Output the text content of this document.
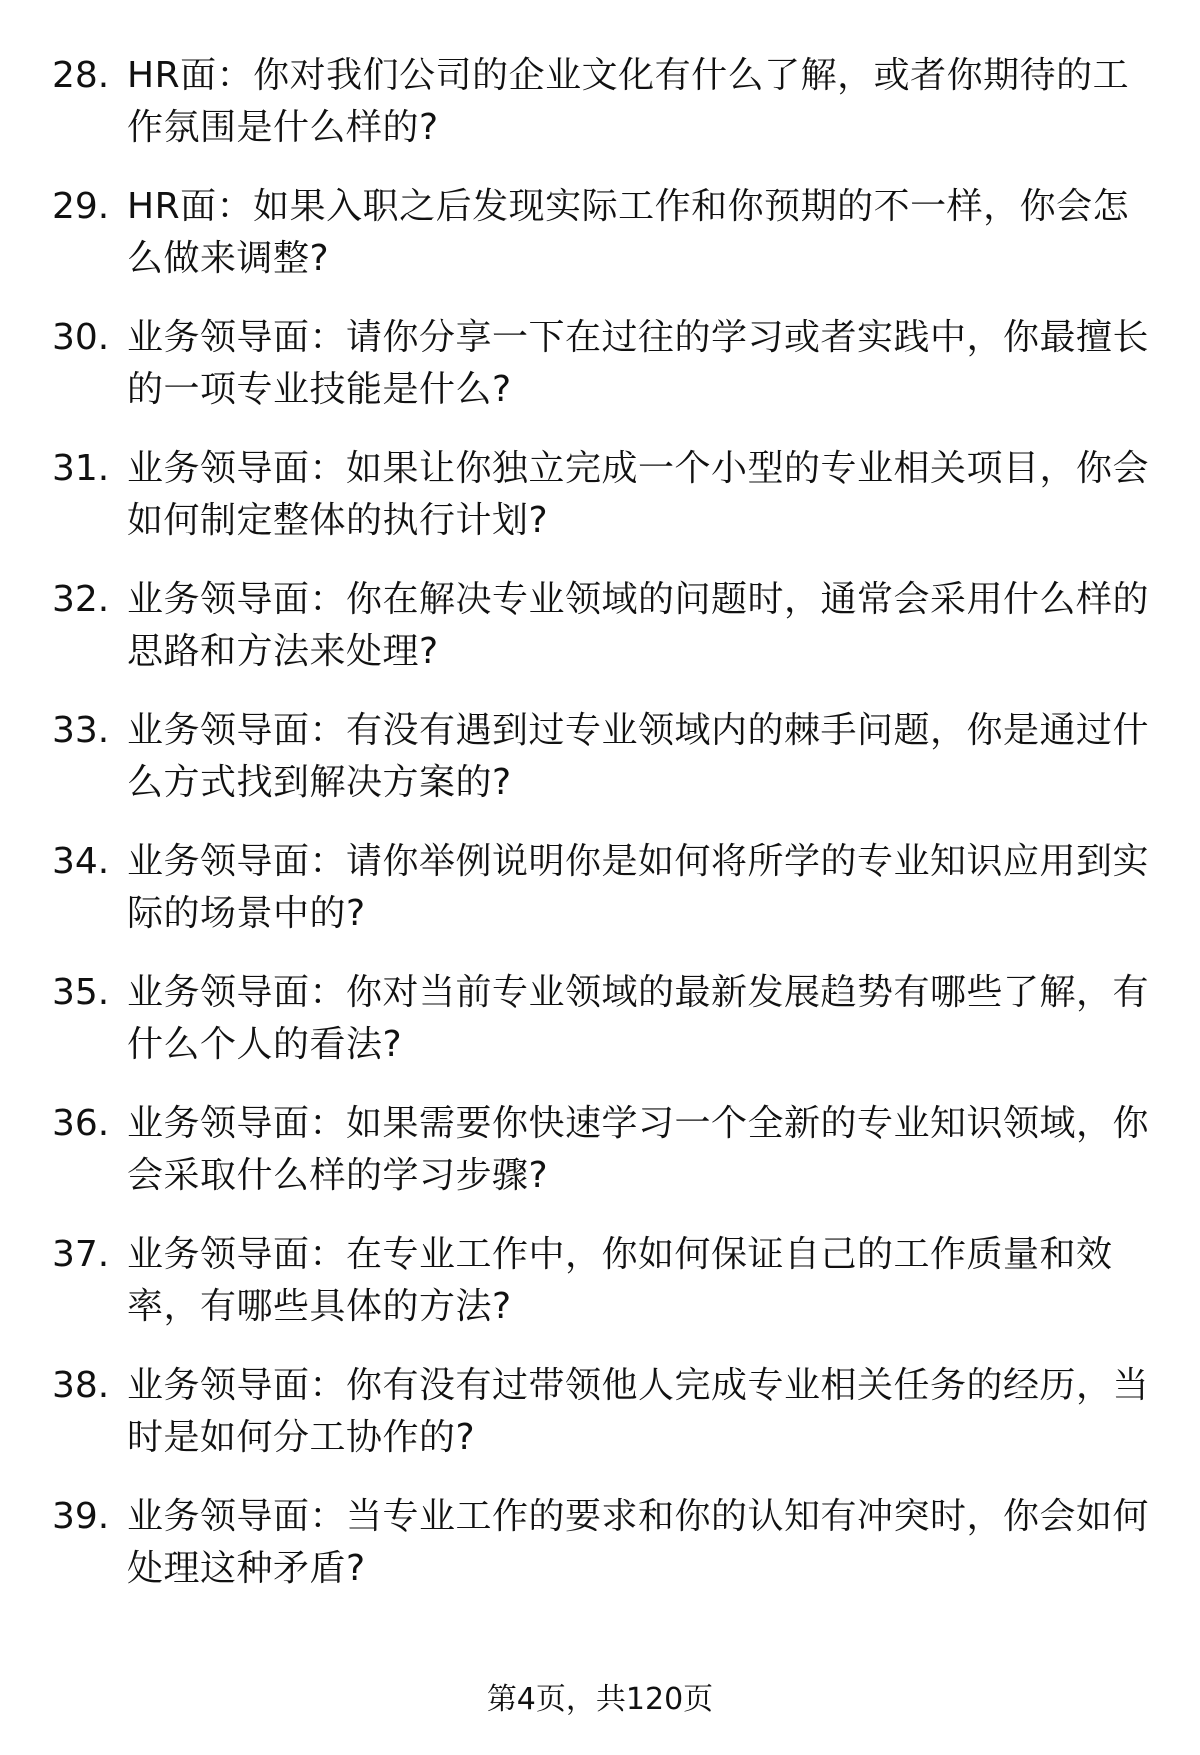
28. HR面：你对我们公司的企业文化有什么了解，或者你期待的工作氛围是什么样的?
29. HR面：如果入职之后发现实际工作和你预期的不一样，你会怎么做来调整?
30. 业务领导面：请你分享一下在过往的学习或者实践中，你最擅长的一项专业技能是什么?
31. 业务领导面：如果让你独立完成一个小型的专业相关项目，你会如何制定整体的执行计划?
32. 业务领导面：你在解决专业领域的问题时，通常会采用什么样的思路和方法来处理?
33. 业务领导面：有没有遇到过专业领域内的棘手问题，你是通过什么方式找到解决方案的?
34. 业务领导面：请你举例说明你是如何将所学的专业知识应用到实际的场景中的?
35. 业务领导面：你对当前专业领域的最新发展趋势有哪些了解，有什么个人的看法?
36. 业务领导面：如果需要你快速学习一个全新的专业知识领域，你会采取什么样的学习步骤?
37. 业务领导面：在专业工作中，你如何保证自己的工作质量和效率，有哪些具体的方法?
38. 业务领导面：你有没有过带领他人完成专业相关任务的经历，当时是如何分工协作的?
39. 业务领导面：当专业工作的要求和你的认知有冲突时，你会如何处理这种矛盾?
第4页，共120页
